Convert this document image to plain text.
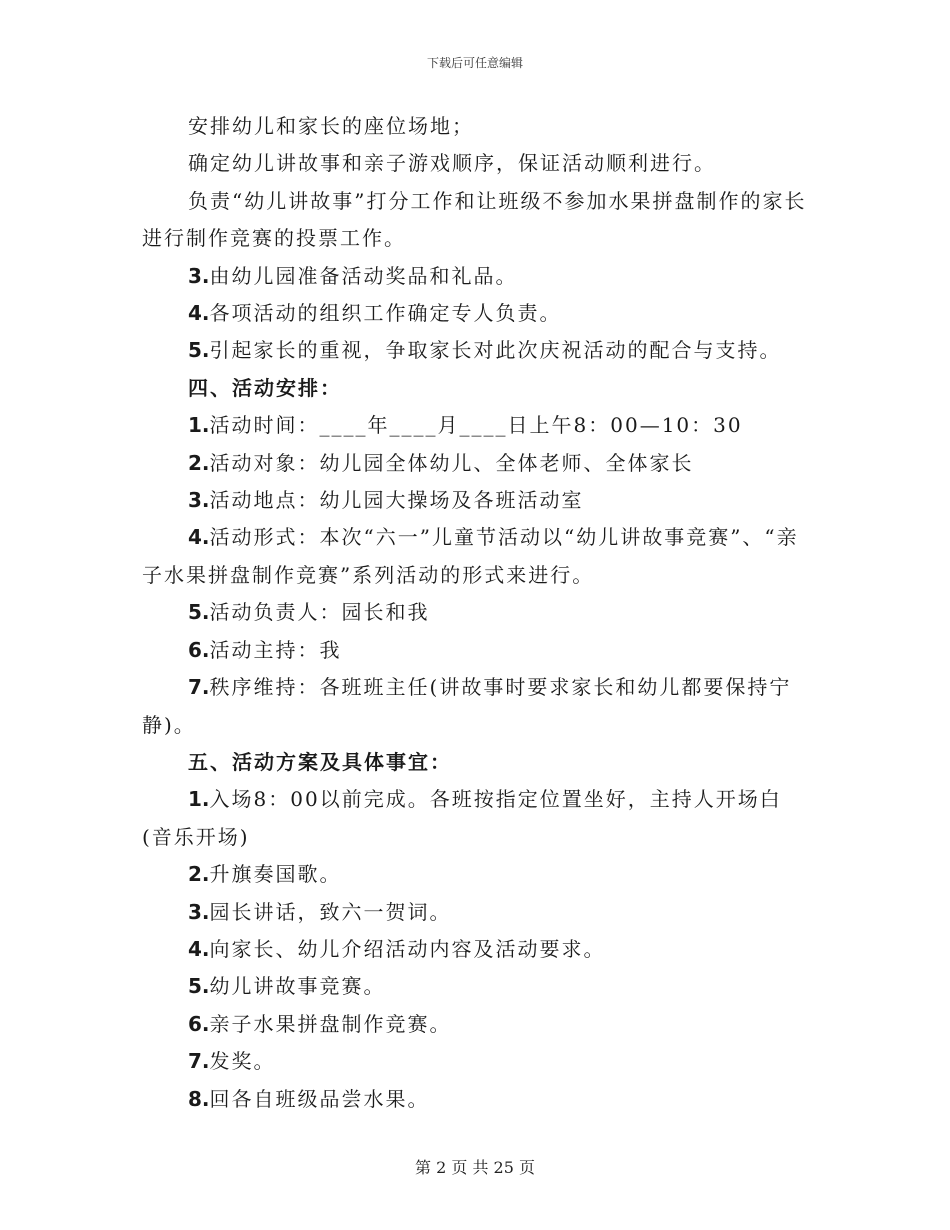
下载后可任意编辑

安排幼儿和家长的座位场地；

确定幼儿讲故事和亲子游戏顺序，保证活动顺利进行。

负责“幼儿讲故事”打分工作和让班级不参加水果拼盘制作的家长进行制作竞赛的投票工作。

3.由幼儿园准备活动奖品和礼品。

4.各项活动的组织工作确定专人负责。

5.引起家长的重视，争取家长对此次庆祝活动的配合与支持。

四、活动安排：

1.活动时间：____年____月____日上午8：00—10：30

2.活动对象：幼儿园全体幼儿、全体老师、全体家长

3.活动地点：幼儿园大操场及各班活动室

4.活动形式：本次“六一”儿童节活动以“幼儿讲故事竞赛”、“亲子水果拼盘制作竞赛”系列活动的形式来进行。

5.活动负责人：园长和我

6.活动主持：我

7.秩序维持：各班班主任(讲故事时要求家长和幼儿都要保持宁静)。

五、活动方案及具体事宜：

1.入场8：00以前完成。各班按指定位置坐好，主持人开场白(音乐开场)

2.升旗奏国歌。

3.园长讲话，致六一贺词。

4.向家长、幼儿介绍活动内容及活动要求。

5.幼儿讲故事竞赛。

6.亲子水果拼盘制作竞赛。

7.发奖。

8.回各自班级品尝水果。

第 2 页 共 25 页
